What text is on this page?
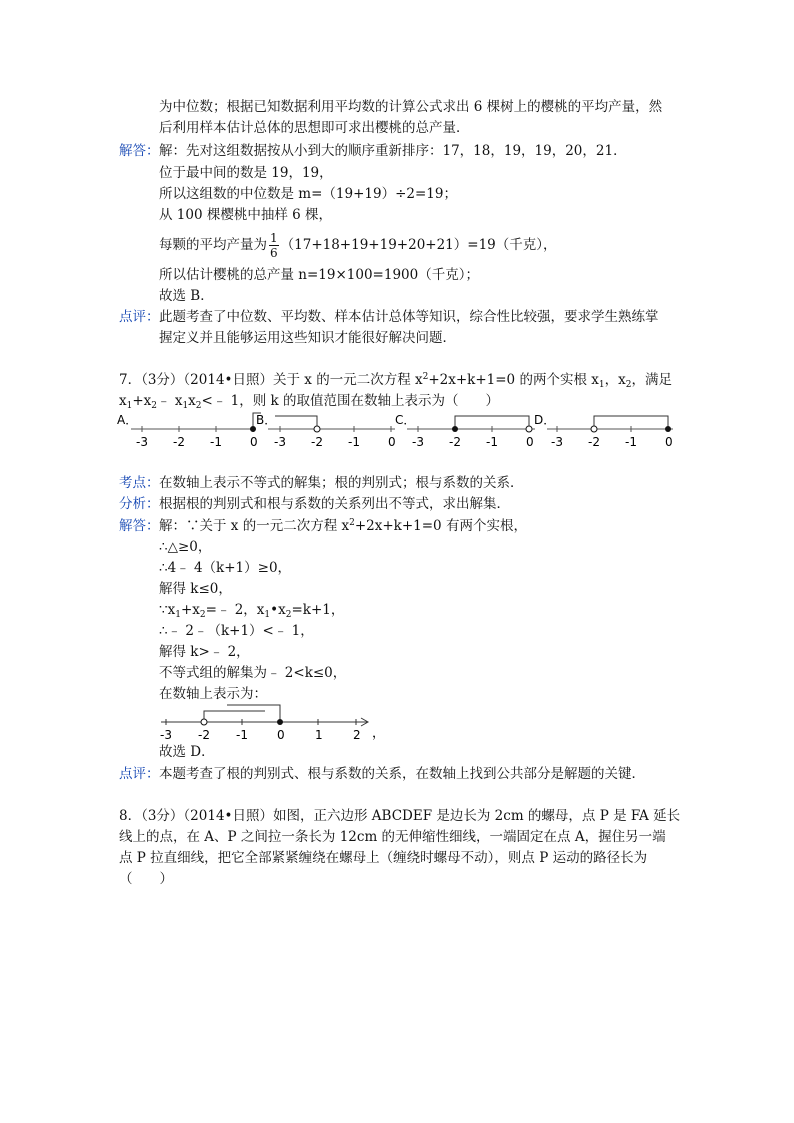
为中位数；根据已知数据利用平均数的计算公式求出 6 棵树上的樱桃的平均产量，然
后利用样本估计总体的思想即可求出樱桃的总产量．
解答： 解：先对这组数据按从小到大的顺序重新排序：17，18，19，19，20，21．
位于最中间的数是 19，19，
所以这组数的中位数是 m=（19+19）÷2=19；
从 100 棵樱桃中抽样 6 棵，
每颗的平均产量为 $\frac{1}{6} (17+18+19+19+20+21)=19$（千克），
所以估计樱桃的总产量 n=19×100=1900（千克）；
故选 B．
点评： 此题考查了中位数、平均数、样本估计总体等知识，综合性比较强，要求学生熟练掌
握定义并且能够运用这些知识才能很好解决问题．
7．（3分）（2014•日照）关于 x 的一元二次方程 $x^2+2x+k+1=0$ 的两个实根 $x_1$，$x_2$，满足
$x_1+x_2﹣$ $x_1x_2<﹣$ 1，则 k 的取值范围在数轴上表示为（　　）
A．
-3 -2 -1 0
B．
-3 -2 -1 0
C．
-3 -2 -1 0
D．
-3 -2 -1 0
考点： 在数轴上表示不等式的解集；根的判别式；根与系数的关系．
分析： 根据根的判别式和根与系数的关系列出不等式，求出解集．
解答： 解：∵关于 x 的一元二次方程 $x^2+2x+k+1=0$ 有两个实根，
∴△≥0，
∴4﹣ 4（k+1）≥0，
解得 k≤0，
$\because x_1+x_2=﹣$ 2，$x_1•x_2=k+1$，
∴﹣ 2﹣（k+1）<﹣ 1，
解得 k>﹣ 2，
不等式组的解集为﹣ 2<k≤0，
在数轴上表示为：
-3 -2 -1 0	1	2 ，
故选 D．
点评： 本题考查了根的判别式、根与系数的关系，在数轴上找到公共部分是解题的关键．
8．（3分）（2014•日照）如图，正六边形 ABCDEF 是边长为 2cm 的螺母，点 P 是 FA 延长
线上的点，在 A、P 之间拉一条长为 12cm 的无伸缩性细线，一端固定在点 A，握住另一端
点 P 拉直细线，把它全部紧紧缠绕在螺母上（缠绕时螺母不动），则点 P 运动的路径长为
（　　）
